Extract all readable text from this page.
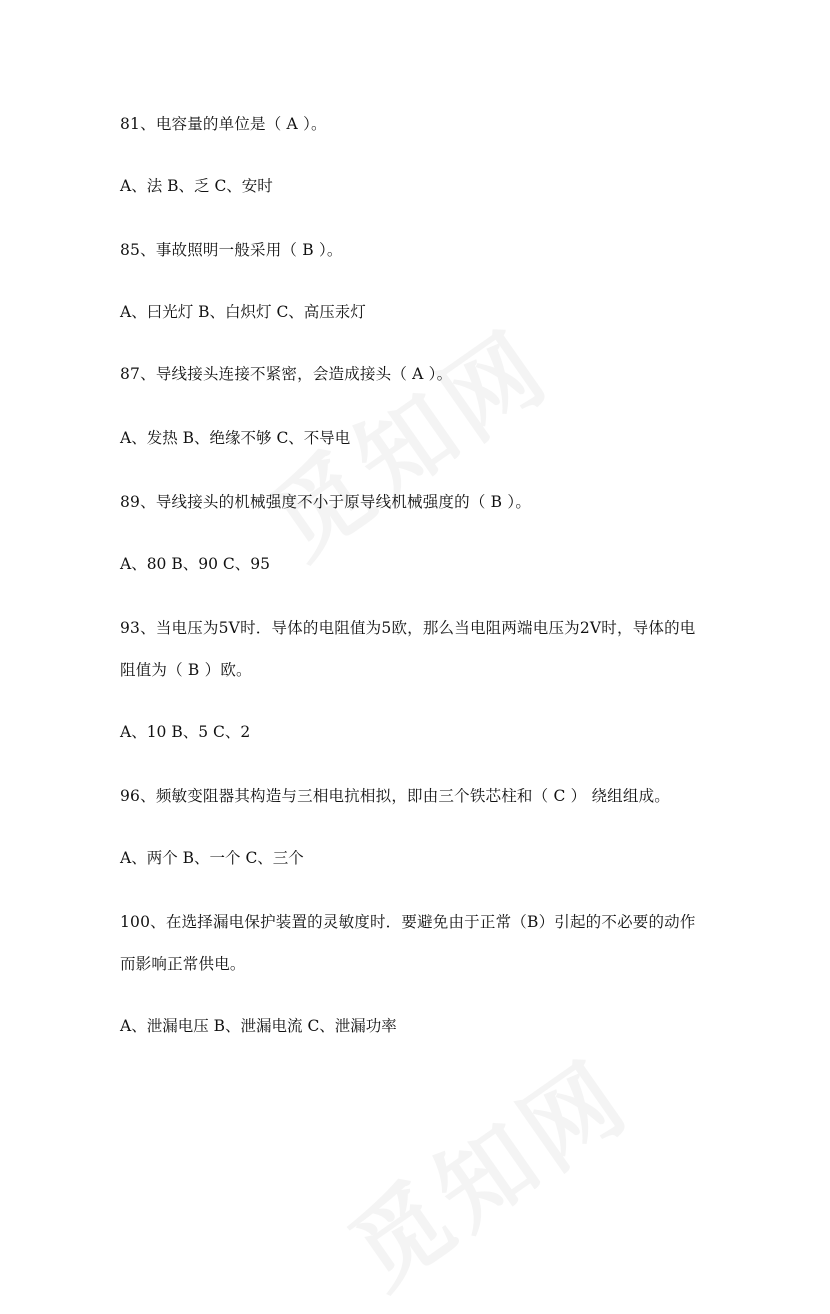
81、电容量的单位是（ A ）。
A、法 B、乏 C、安时
85、事故照明一般采用（ B ）。
A、曰光灯 B、白炽灯 C、高压汞灯
87、导线接头连接不紧密，会造成接头（ A ）。
A、发热 B、绝缘不够 C、不导电
89、导线接头的机械强度不小于原导线机械强度的（ B ）。
A、80 B、90 C、95
93、当电压为5V时．导体的电阻值为5欧，那么当电阻两端电压为2V时，导体的电
阻值为（ B ）欧。
A、10 B、5 C、2
96、频敏变阻器其构造与三相电抗相拟，即由三个铁芯柱和（ C ） 绕组组成。
A、两个 B、一个 C、三个
100、在选择漏电保护装置的灵敏度时．要避免由于正常（B）引起的不必要的动作
而影响正常供电。
A、泄漏电压 B、泄漏电流 C、泄漏功率
